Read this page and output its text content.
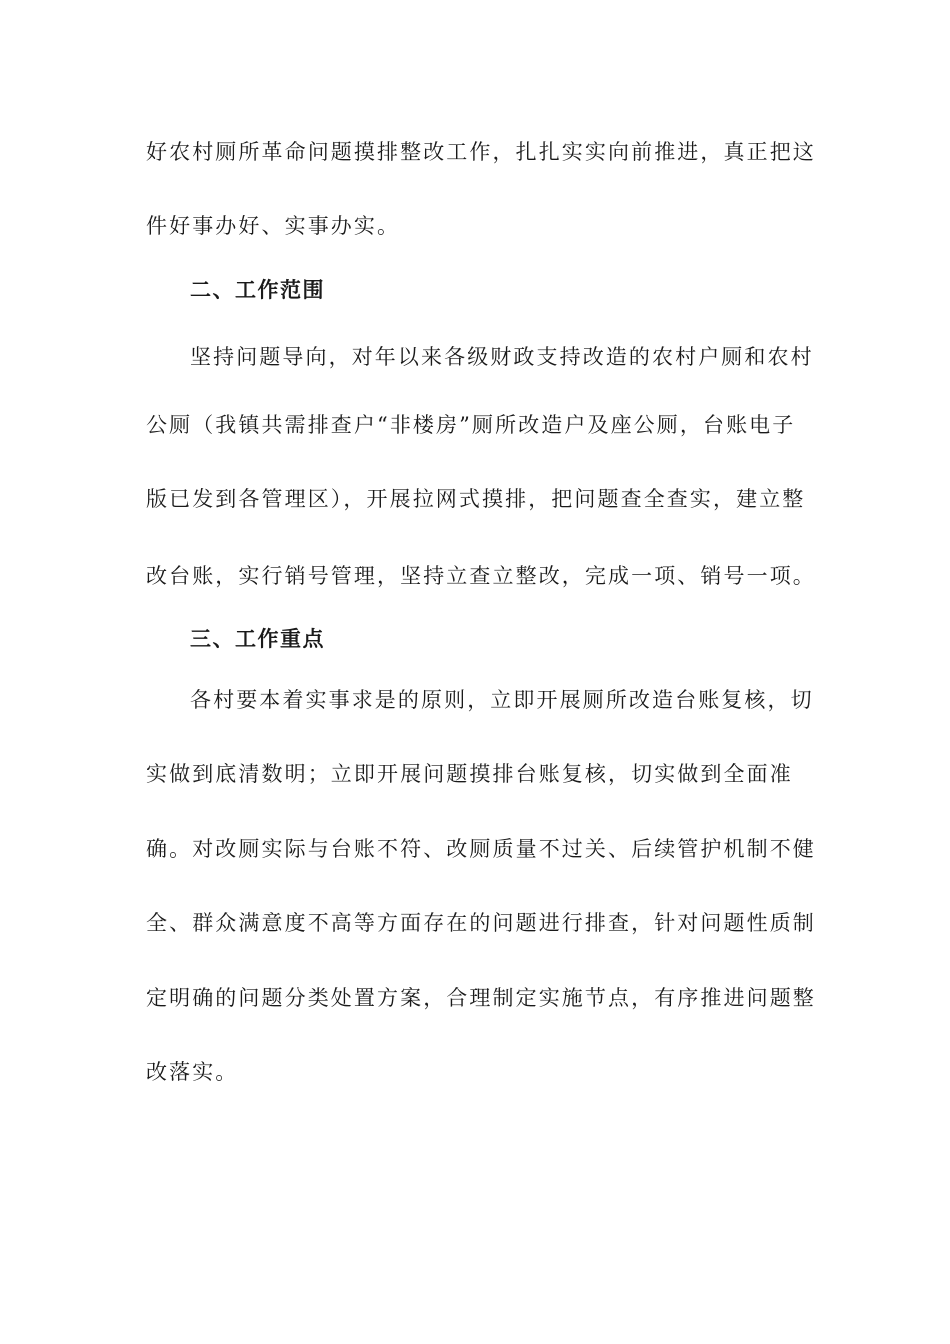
好农村厕所革命问题摸排整改工作，扎扎实实向前推进，真正把这
件好事办好、实事办实。
二、工作范围
坚持问题导向，对年以来各级财政支持改造的农村户厕和农村
公厕（我镇共需排查户“非楼房”厕所改造户及座公厕，台账电子
版已发到各管理区），开展拉网式摸排，把问题查全查实，建立整
改台账，实行销号管理，坚持立查立整改，完成一项、销号一项。
三、工作重点
各村要本着实事求是的原则，立即开展厕所改造台账复核，切
实做到底清数明；立即开展问题摸排台账复核，切实做到全面准
确。对改厕实际与台账不符、改厕质量不过关、后续管护机制不健
全、群众满意度不高等方面存在的问题进行排查，针对问题性质制
定明确的问题分类处置方案，合理制定实施节点，有序推进问题整
改落实。
